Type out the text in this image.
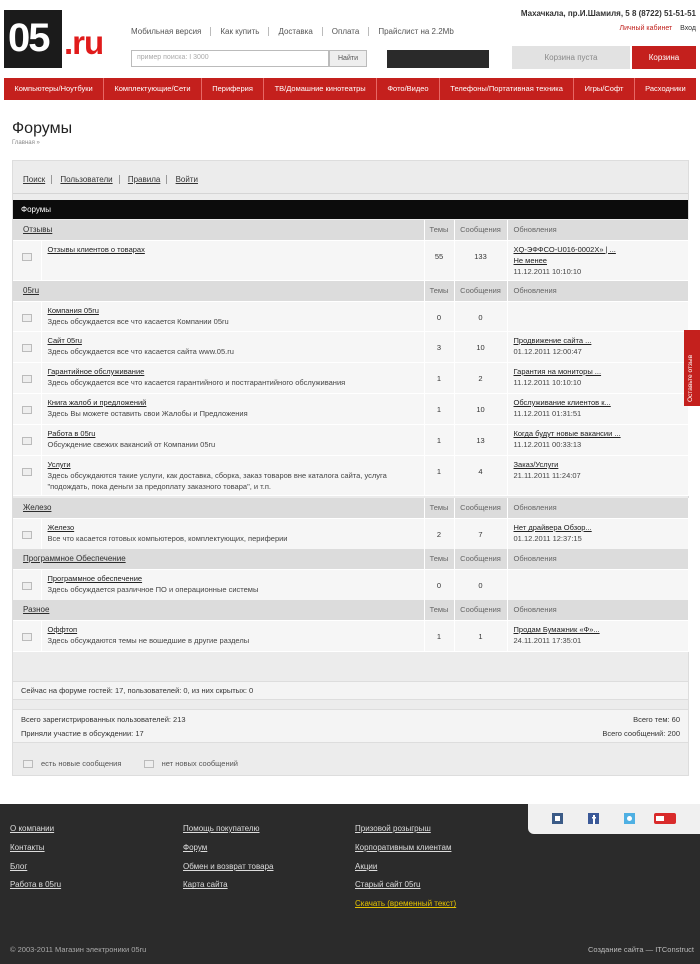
05 .ru	Мобильная версия	Как купить	Доставка	Оплата	Прайслист на 2.2Mb
пример поиска: I 3000	Найти
Махачкала, пр.И.Шамиля, 5 8 (8722) 51-51-51
Личный кабинет Вход
Корзина пуста	Корзина
Компьютеры/Ноутбуки	Комплектующие/Сети	Периферия	ТВ/Домашние кинотеатры	Фото/Видео	Телефоны/Портативная техника	Игры/Софт	Расходники
Форумы
Главная »
Поиск Пользователи Правила Войти
Форумы
Отзывы		Темы	Сообщения	Обновления

	Отзывы клиентов о товарах	55	133	XQ-ЭФФСО-U016-0002X» | ...
Не менее
11.12.2011 10:10:10
05ru		Темы	Сообщения	Обновления

	Компания 05ru
Здесь обсуждается все что касается Компании 05ru	0	0	

	Сайт 05ru
Здесь обсуждается все что касается сайта www.05.ru	3	10	Продвижение сайта ...
01.12.2011 12:00:47

	Гарантийное обслуживание
Здесь обсуждается все что касается гарантийного и постгарантийного обслуживания	1	2	Гарантия на мониторы ...
11.12.2011 10:10:10

	Книга жалоб и предложений
Здесь Вы можете оставить свои Жалобы и Предложения	1	10	Обслуживание клиентов к...
11.12.2011 01:31:51

	Работа в 05ru
Обсуждение свежих вакансий от Компании 05ru	1	13	Когда будут новые вакансии ...
11.12.2011 00:33:13

	Услуги
Здесь обсуждаются такие услуги, как доставка, сборка, заказ товаров вне каталога сайта, услуга "подождать, пока деньги за предоплату заказного товара", и т.п.	1	4	Заказ/Услуги
21.11.2011 11:24:07
Железо		Темы	Сообщения	Обновления

	Железо
Все что касается готовых компьютеров, комплектующих, периферии	2	7	Нет драйвера Обзор...
01.12.2011 12:37:15
Программное Обеспечение		Темы	Сообщения	Обновления

	Программное обеспечение
Здесь обсуждается различное ПО и операционные системы	0	0	
Разное		Темы	Сообщения	Обновления

	Оффтоп
Здесь обсуждаются темы не вошедшие в другие разделы	1	1	Продам Бумажник «Ф»...
24.11.2011 17:35:01
Сейчас на форуме гостей: 17, пользователей: 0, из них скрытых: 0
Всего зарегистрированных пользователей: 213
Приняли участие в обсуждении: 17
Всего тем: 60
Всего сообщений: 200
есть новые сообщения	нет новых сообщений
Оставьте отзыв
О компании
Контакты
Блог
Работа в 05ru
Помощь покупателю
Форум
Обмен и возврат товара
Карта сайта
Призовой розыгрыш
Корпоративным клиентам
Акции
Старый сайт 05ru
Скачать (временный текст)
© 2003-2011 Магазин электроники 05ru	Создание сайта — ITConstruct
